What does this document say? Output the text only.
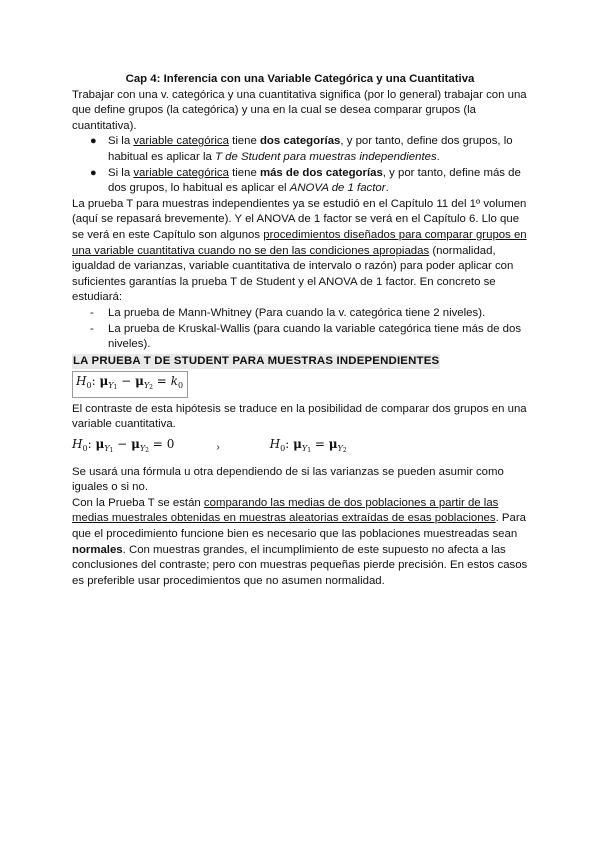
Cap 4: Inferencia con una Variable Categórica y una Cuantitativa

Trabajar con una v. categórica y una cuantitativa significa (por lo general) trabajar con una que define grupos (la categórica) y una en la cual se desea comparar grupos (la cuantitativa).

● Si la variable categórica tiene dos categorías, y por tanto, define dos grupos, lo habitual es aplicar la T de Student para muestras independientes.
● Si la variable categórica tiene más de dos categorías, y por tanto, define más de dos grupos, lo habitual es aplicar el ANOVA de 1 factor.

La prueba T para muestras independientes ya se estudió en el Capítulo 11 del 1º volumen (aquí se repasará brevemente). Y el ANOVA de 1 factor se verá en el Capítulo 6. Llo que se verá en este Capítulo son algunos procedimientos diseñados para comparar grupos en una variable cuantitativa cuando no se den las condiciones apropiadas (normalidad, igualdad de varianzas, variable cuantitativa de intervalo o razón) para poder aplicar con suficientes garantías la prueba T de Student y el ANOVA de 1 factor. En concreto se estudiará:

- La prueba de Mann-Whitney (Para cuando la v. categórica tiene 2 niveles).
- La prueba de Kruskal-Wallis (para cuando la variable categórica tiene más de dos niveles).
LA PRUEBA T DE STUDENT PARA MUESTRAS INDEPENDIENTES
$H_0$: $\mu_{Y1} - \mu_{Y2} = k_0$

El contraste de esta hipótesis se traduce en la posibilidad de comparar dos grupos en una variable cuantitativa.

$H_0$: $\mu_{Y1} - \mu_{Y2} = 0$	›	$H_0$: $\mu_{Y1} = \mu_{Y2}$

Se usará una fórmula u otra dependiendo de si las varianzas se pueden asumir como iguales o si no.

Con la Prueba T se están comparando las medias de dos poblaciones a partir de las medias muestrales obtenidas en muestras aleatorias extraídas de esas poblaciones. Para que el procedimiento funcione bien es necesario que las poblaciones muestreadas sean normales. Con muestras grandes, el incumplimiento de este supuesto no afecta a las conclusiones del contraste; pero con muestras pequeñas pierde precisión. En estos casos es preferible usar procedimientos que no asumen normalidad.
